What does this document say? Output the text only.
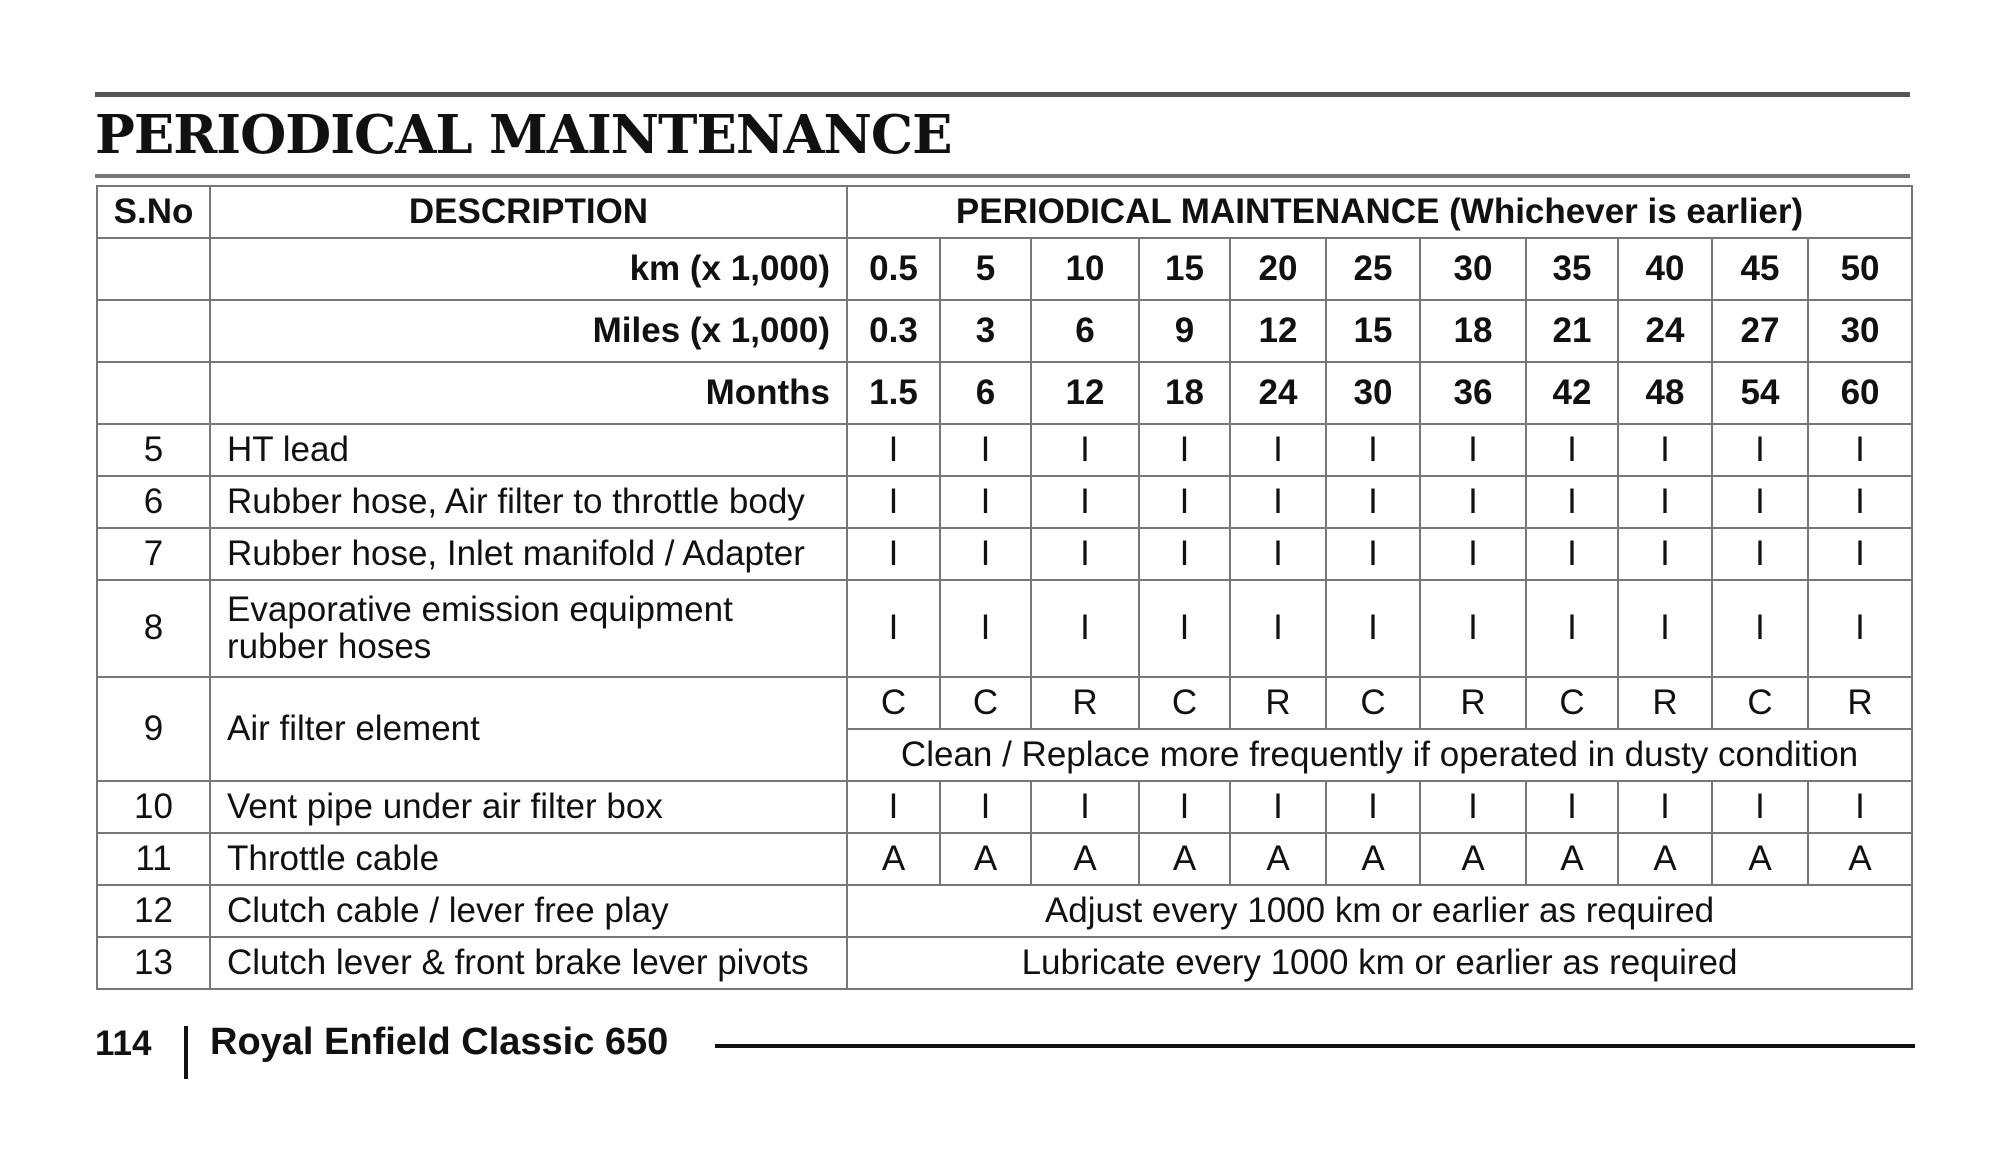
PERIODICAL MAINTENANCE
S.No	DESCRIPTION	PERIODICAL MAINTENANCE (Whichever is earlier)										
	km (x 1,000)	0.5	5	10	15	20	25	30	35	40	45	50
	Miles (x 1,000)	0.3	3	6	9	12	15	18	21	24	27	30
	Months	1.5	6	12	18	24	30	36	42	48	54	60
5	HT lead	I	I	I	I	I	I	I	I	I	I	I
6	Rubber hose, Air filter to throttle body	I	I	I	I	I	I	I	I	I	I	I
7	Rubber hose, Inlet manifold / Adapter	I	I	I	I	I	I	I	I	I	I	I
8	Evaporative emission equipment
rubber hoses	I	I	I	I	I	I	I	I	I	I	I
9	Air filter element	C	C	R	C	R	C	R	C	R	C	R
		Clean / Replace more frequently if operated in dusty condition										
10	Vent pipe under air filter box	I	I	I	I	I	I	I	I	I	I	I
11	Throttle cable	A	A	A	A	A	A	A	A	A	A	A
12	Clutch cable / lever free play	Adjust every 1000 km or earlier as required										
13	Clutch lever & front brake lever pivots	Lubricate every 1000 km or earlier as required										
114 Royal Enfield Classic 650
